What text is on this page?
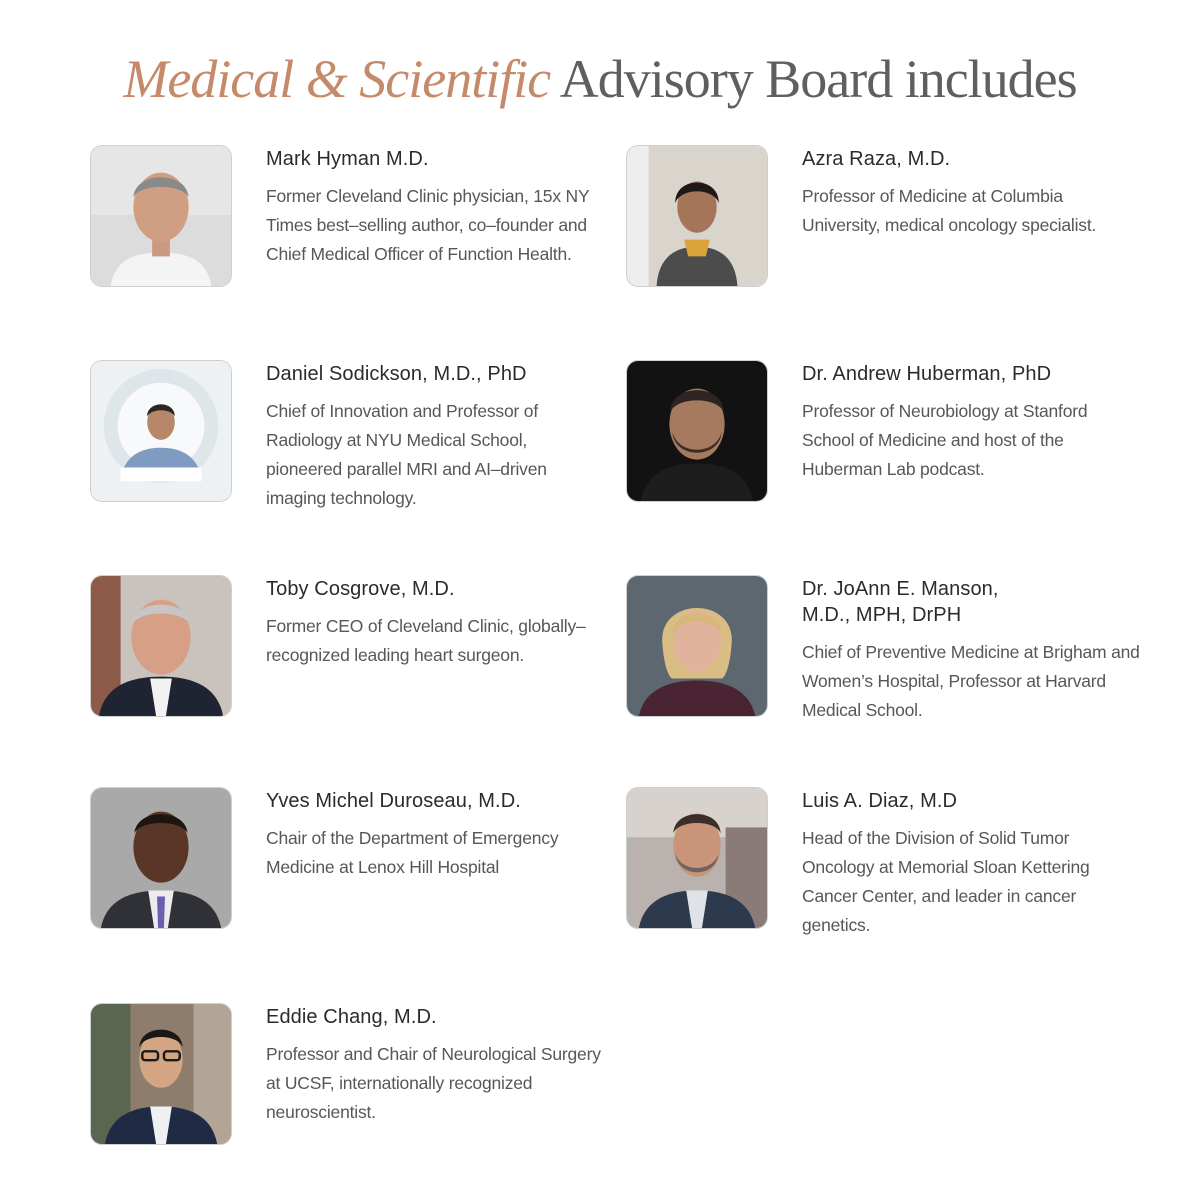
Medical & Scientific Advisory Board includes
Mark Hyman M.D.

Former Cleveland Clinic physician, 15x NY Times best–selling author, co–founder and Chief Medical Officer of Function Health.

Azra Raza, M.D.

Professor of Medicine at Columbia University, medical oncology specialist.

Daniel Sodickson, M.D., PhD

Chief of Innovation and Professor of Radiology at NYU Medical School, pioneered parallel MRI and AI–driven imaging technology.

Dr. Andrew Huberman, PhD

Professor of Neurobiology at Stanford School of Medicine and host of the Huberman Lab podcast.

Toby Cosgrove, M.D.

Former CEO of Cleveland Clinic, globally–recognized leading heart surgeon.

Dr. JoAnn E. Manson,
M.D., MPH, DrPH

Chief of Preventive Medicine at Brigham and Women’s Hospital, Professor at Harvard Medical School.

Yves Michel Duroseau, M.D.

Chair of the Department of Emergency Medicine at Lenox Hill Hospital

Luis A. Diaz, M.D

Head of the Division of Solid Tumor Oncology at Memorial Sloan Kettering Cancer Center, and leader in cancer genetics.

Eddie Chang, M.D.

Professor and Chair of Neurological Surgery at UCSF, internationally recognized neuroscientist.
